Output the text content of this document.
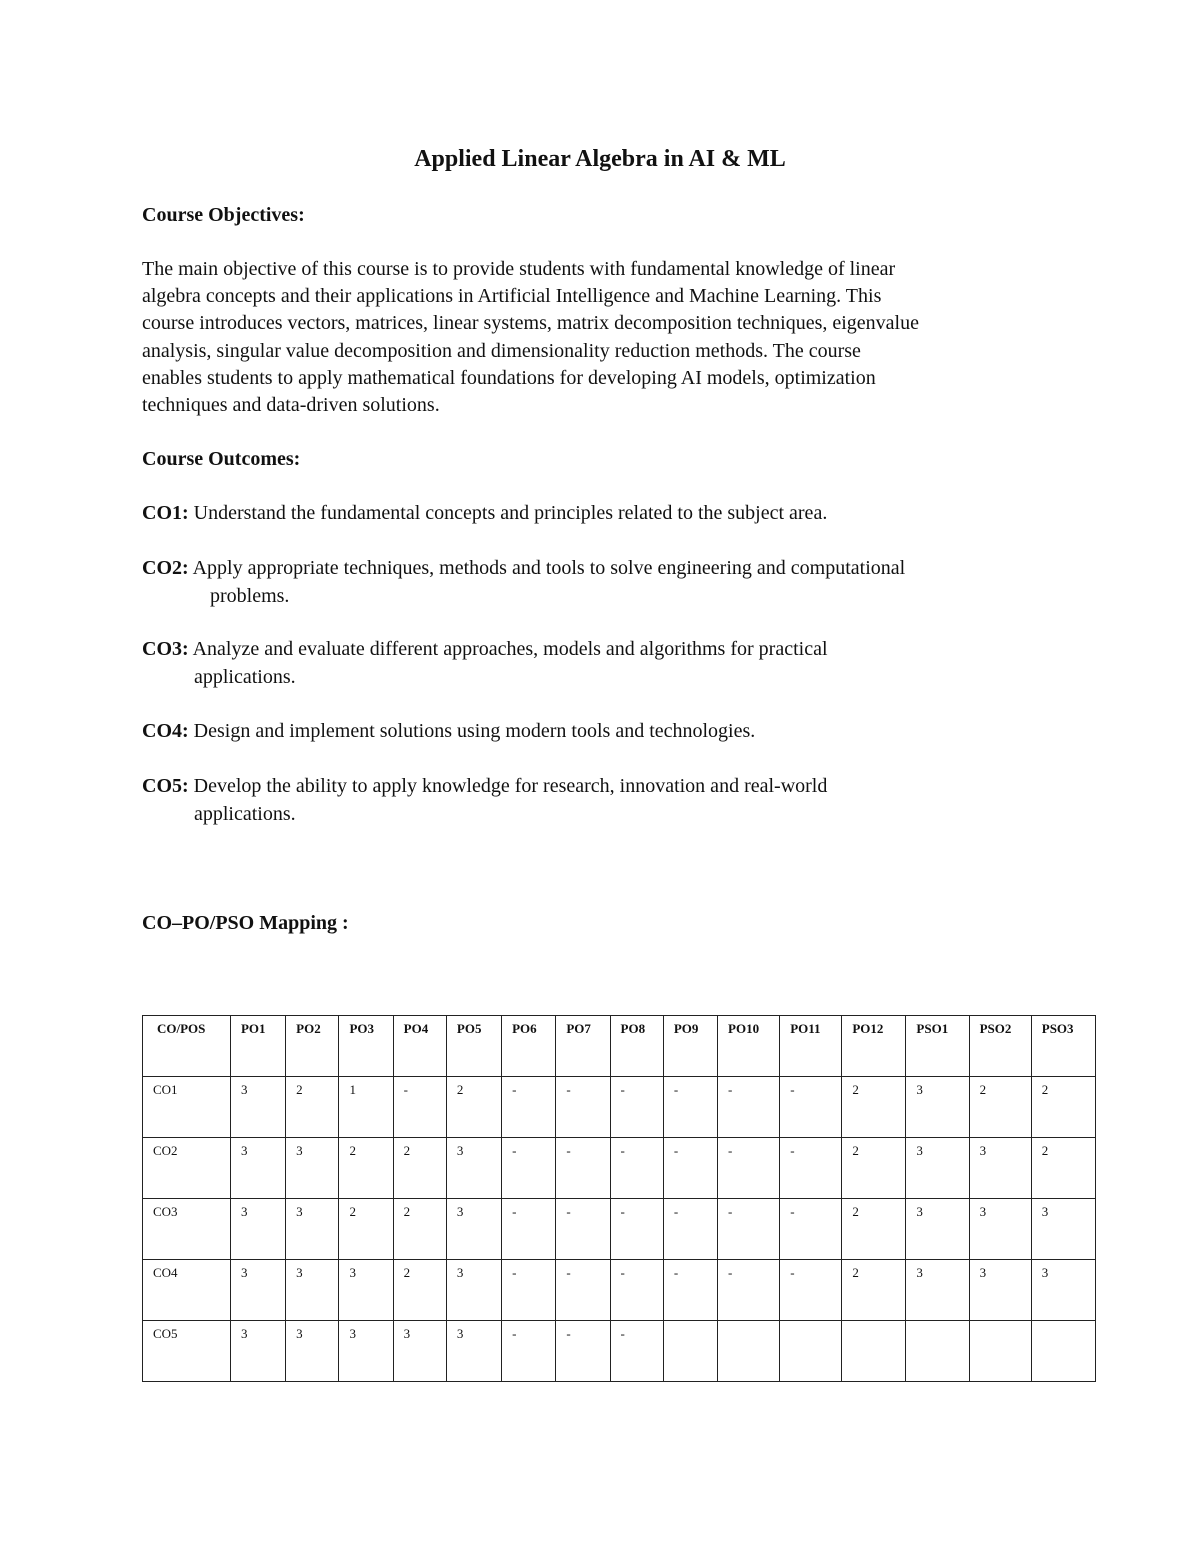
Applied Linear Algebra in AI & ML
Course Objectives:
The main objective of this course is to provide students with fundamental knowledge of linear
algebra concepts and their applications in Artificial Intelligence and Machine Learning. This
course introduces vectors, matrices, linear systems, matrix decomposition techniques, eigenvalue
analysis, singular value decomposition and dimensionality reduction methods. The course
enables students to apply mathematical foundations for developing AI models, optimization
techniques and data-driven solutions.
Course Outcomes:
CO1: Understand the fundamental concepts and principles related to the subject area.
CO2: Apply appropriate techniques, methods and tools to solve engineering and computational
problems.
CO3: Analyze and evaluate different approaches, models and algorithms for practical
applications.
CO4: Design and implement solutions using modern tools and technologies.
CO5: Develop the ability to apply knowledge for research, innovation and real-world
applications.
CO–PO/PSO Mapping :
CO/POS	PO1	PO2	PO3	PO4	PO5	PO6	PO7	PO8	PO9	PO10	PO11	PO12	PSO1	PSO2	PSO3
CO1	3	2	1	-	2	-	-	-	-	-	-	2	3	2	2
CO2	3	3	2	2	3	-	-	-	-	-	-	2	3	3	2
CO3	3	3	2	2	3	-	-	-	-	-	-	2	3	3	3
CO4	3	3	3	2	3	-	-	-	-	-	-	2	3	3	3
CO5	3	3	3	3	3	-	-	-							
